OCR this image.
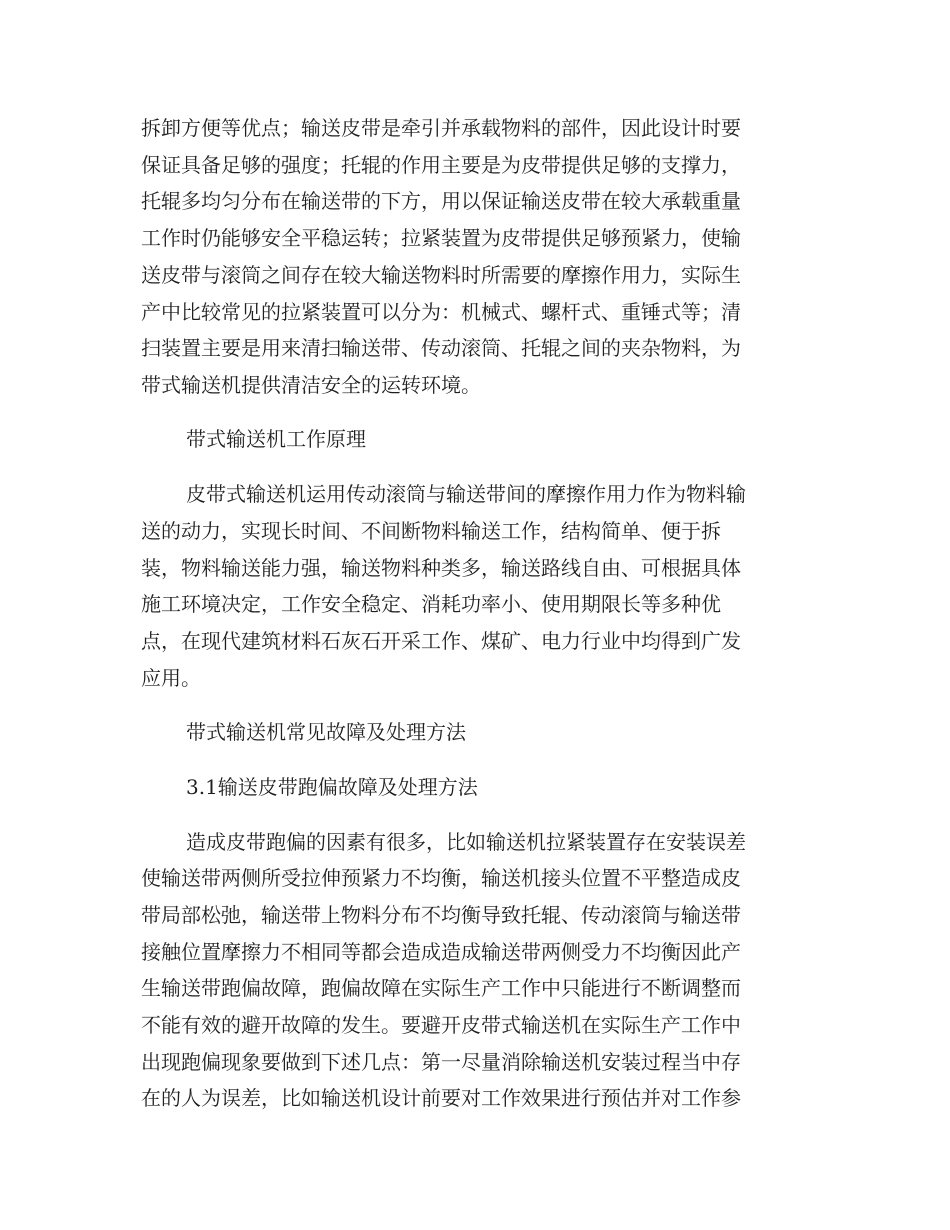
拆卸方便等优点；输送皮带是牵引并承载物料的部件，因此设计时要
保证具备足够的强度；托辊的作用主要是为皮带提供足够的支撑力，
托辊多均匀分布在输送带的下方，用以保证输送皮带在较大承载重量
工作时仍能够安全平稳运转；拉紧装置为皮带提供足够预紧力，使输
送皮带与滚筒之间存在较大输送物料时所需要的摩擦作用力，实际生
产中比较常见的拉紧装置可以分为：机械式、螺杆式、重锤式等；清
扫装置主要是用来清扫输送带、传动滚筒、托辊之间的夹杂物料，为
带式输送机提供清洁安全的运转环境。
带式输送机工作原理
皮带式输送机运用传动滚筒与输送带间的摩擦作用力作为物料输
送的动力，实现长时间、不间断物料输送工作，结构简单、便于拆
装，物料输送能力强，输送物料种类多，输送路线自由、可根据具体
施工环境决定，工作安全稳定、消耗功率小、使用期限长等多种优
点，在现代建筑材料石灰石开采工作、煤矿、电力行业中均得到广发
应用。
带式输送机常见故障及处理方法
3.1输送皮带跑偏故障及处理方法
造成皮带跑偏的因素有很多，比如输送机拉紧装置存在安装误差
使输送带两侧所受拉伸预紧力不均衡，输送机接头位置不平整造成皮
带局部松弛，输送带上物料分布不均衡导致托辊、传动滚筒与输送带
接触位置摩擦力不相同等都会造成造成输送带两侧受力不均衡因此产
生输送带跑偏故障，跑偏故障在实际生产工作中只能进行不断调整而
不能有效的避开故障的发生。要避开皮带式输送机在实际生产工作中
出现跑偏现象要做到下述几点：第一尽量消除输送机安装过程当中存
在的人为误差，比如输送机设计前要对工作效果进行预估并对工作参
